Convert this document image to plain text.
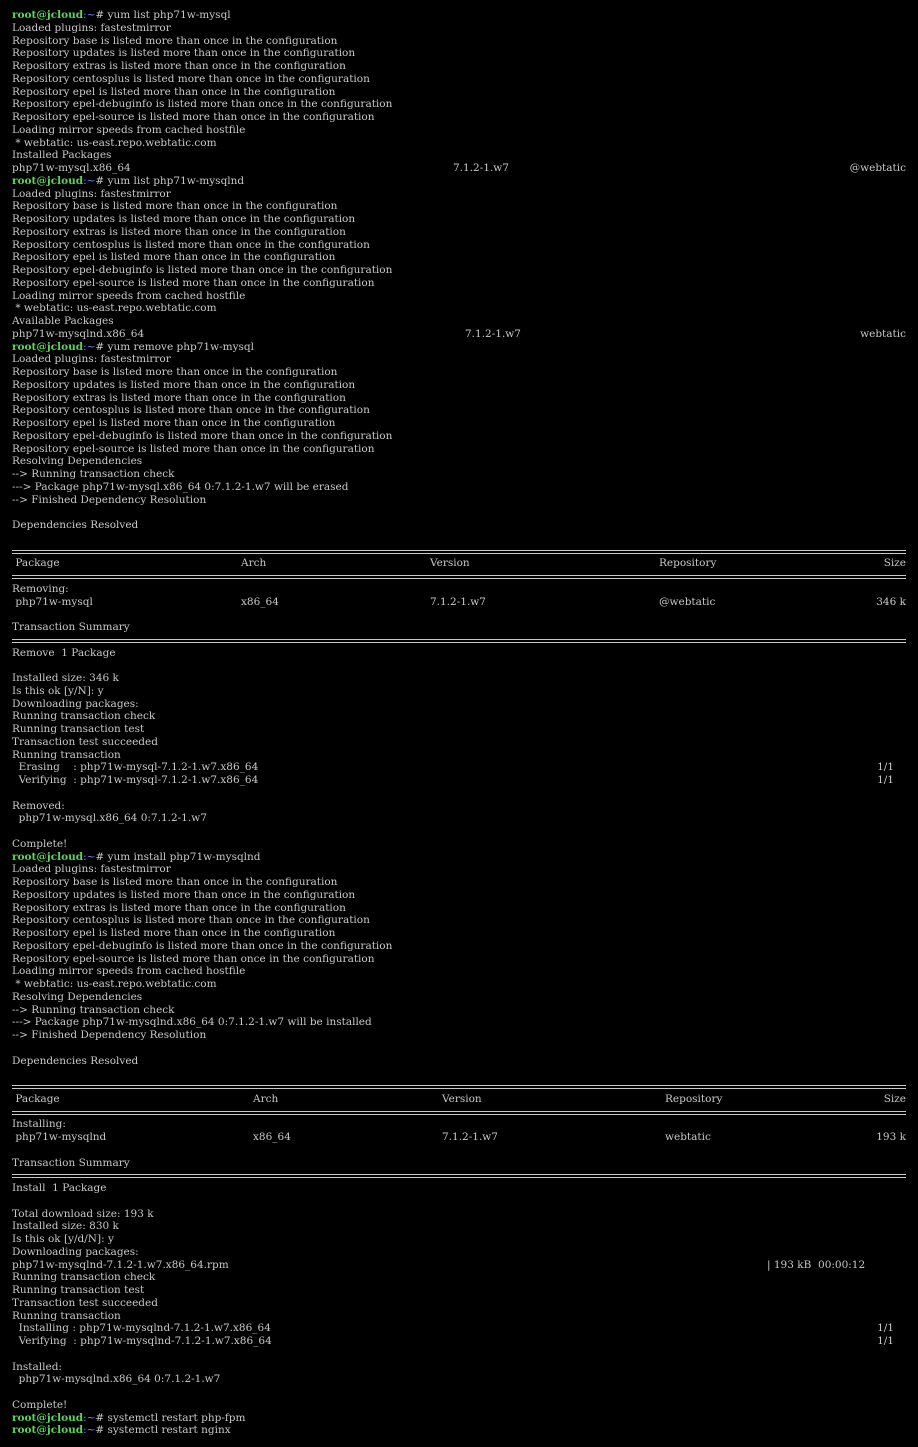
root@jcloud:~# yum list php71w-mysql
Loaded plugins: fastestmirror
Repository base is listed more than once in the configuration
Repository updates is listed more than once in the configuration
Repository extras is listed more than once in the configuration
Repository centosplus is listed more than once in the configuration
Repository epel is listed more than once in the configuration
Repository epel-debuginfo is listed more than once in the configuration
Repository epel-source is listed more than once in the configuration
Loading mirror speeds from cached hostfile
* webtatic: us-east.repo.webtatic.com
Installed Packages
php71w-mysql.x86_64	7.1.2-1.w7	@webtatic
root@jcloud:~# yum list php71w-mysqlnd
Loaded plugins: fastestmirror
Repository base is listed more than once in the configuration
Repository updates is listed more than once in the configuration
Repository extras is listed more than once in the configuration
Repository centosplus is listed more than once in the configuration
Repository epel is listed more than once in the configuration
Repository epel-debuginfo is listed more than once in the configuration
Repository epel-source is listed more than once in the configuration
Loading mirror speeds from cached hostfile
* webtatic: us-east.repo.webtatic.com
Available Packages
php71w-mysqlnd.x86_64	7.1.2-1.w7	webtatic
root@jcloud:~# yum remove php71w-mysql
Loaded plugins: fastestmirror
Repository base is listed more than once in the configuration
Repository updates is listed more than once in the configuration
Repository extras is listed more than once in the configuration
Repository centosplus is listed more than once in the configuration
Repository epel is listed more than once in the configuration
Repository epel-debuginfo is listed more than once in the configuration
Repository epel-source is listed more than once in the configuration
Resolving Dependencies
--> Running transaction check
---> Package php71w-mysql.x86_64 0:7.1.2-1.w7 will be erased
--> Finished Dependency Resolution
Dependencies Resolved
Package	Arch	Version	Repository	Size
Removing:
php71w-mysql	x86_64	7.1.2-1.w7	@webtatic	346 k
Transaction Summary
Remove  1 Package
Installed size: 346 k
Is this ok [y/N]: y
Downloading packages:
Running transaction check
Running transaction test
Transaction test succeeded
Running transaction
Erasing    : php71w-mysql-7.1.2-1.w7.x86_64	1/1
Verifying  : php71w-mysql-7.1.2-1.w7.x86_64	1/1
Removed:
php71w-mysql.x86_64 0:7.1.2-1.w7
Complete!
root@jcloud:~# yum install php71w-mysqlnd
Loaded plugins: fastestmirror
Repository base is listed more than once in the configuration
Repository updates is listed more than once in the configuration
Repository extras is listed more than once in the configuration
Repository centosplus is listed more than once in the configuration
Repository epel is listed more than once in the configuration
Repository epel-debuginfo is listed more than once in the configuration
Repository epel-source is listed more than once in the configuration
Loading mirror speeds from cached hostfile
* webtatic: us-east.repo.webtatic.com
Resolving Dependencies
--> Running transaction check
---> Package php71w-mysqlnd.x86_64 0:7.1.2-1.w7 will be installed
--> Finished Dependency Resolution
Dependencies Resolved
Package	Arch	Version	Repository	Size
Installing:
php71w-mysqlnd	x86_64	7.1.2-1.w7	webtatic	193 k
Transaction Summary
Install  1 Package
Total download size: 193 k
Installed size: 830 k
Is this ok [y/d/N]: y
Downloading packages:
php71w-mysqlnd-7.1.2-1.w7.x86_64.rpm	| 193 kB  00:00:12
Running transaction check
Running transaction test
Transaction test succeeded
Running transaction
Installing : php71w-mysqlnd-7.1.2-1.w7.x86_64	1/1
Verifying  : php71w-mysqlnd-7.1.2-1.w7.x86_64	1/1
Installed:
php71w-mysqlnd.x86_64 0:7.1.2-1.w7
Complete!
root@jcloud:~# systemctl restart php-fpm
root@jcloud:~# systemctl restart nginx
